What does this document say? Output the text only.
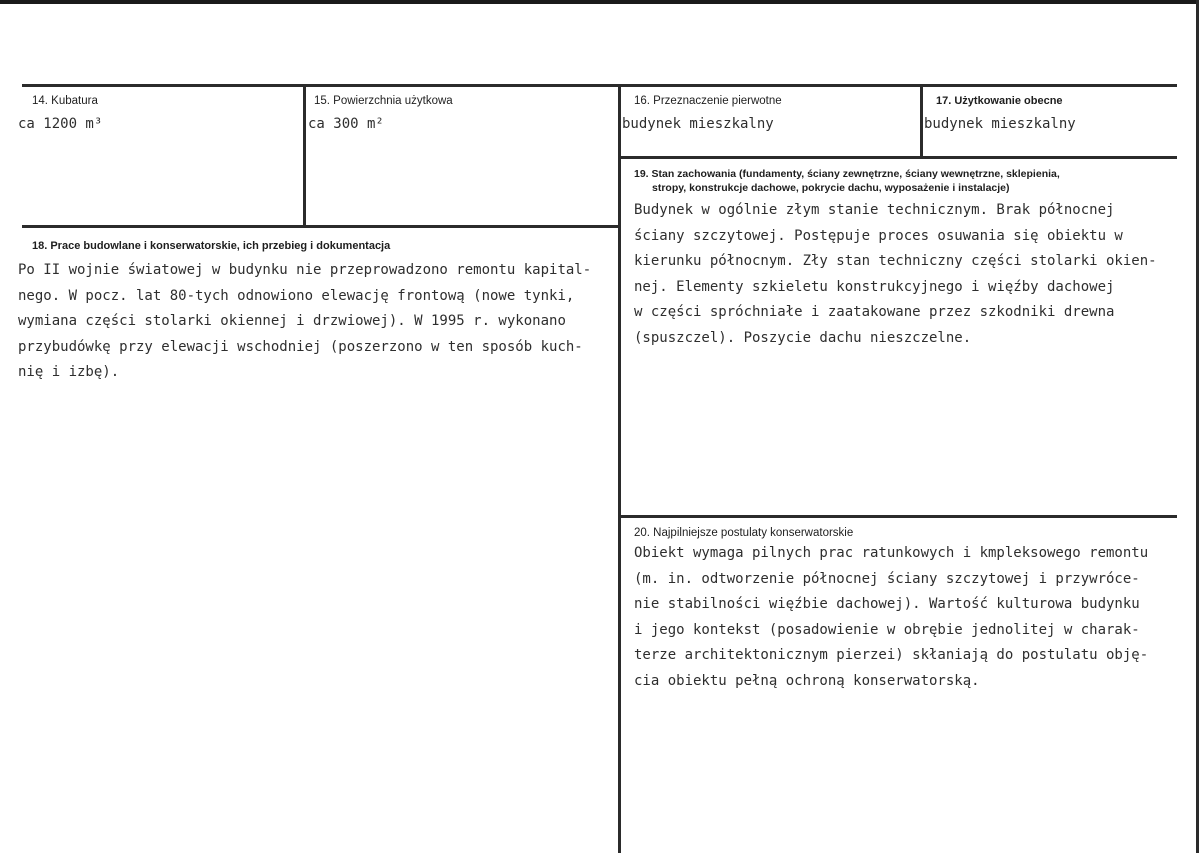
14. Kubatura
ca 1200 m³
15. Powierzchnia użytkowa
ca 300 m²
16. Przeznaczenie pierwotne
budynek mieszkalny
17. Użytkowanie obecne
budynek mieszkalny
18. Prace budowlane i konserwatorskie, ich przebieg i dokumentacja
Po II wojnie światowej w budynku nie przeprowadzono remontu kapital-
nego. W pocz. lat 80-tych odnowiono elewację frontową (nowe tynki,
wymiana części stolarki okiennej i drzwiowej). W 1995 r. wykonano
przybudówkę przy elewacji wschodniej (poszerzono w ten sposób kuch-
nię i izbę).
19. Stan zachowania (fundamenty, ściany zewnętrzne, ściany wewnętrzne, sklepienia,
stropy, konstrukcje dachowe, pokrycie dachu, wyposażenie i instalacje)
Budynek w ogólnie złym stanie technicznym. Brak północnej
ściany szczytowej. Postępuje proces osuwania się obiektu w
kierunku północnym. Zły stan techniczny części stolarki okien-
nej. Elementy szkieletu konstrukcyjnego i więźby dachowej
w części spróchniałe i zaatakowane przez szkodniki drewna
(spuszczel). Poszycie dachu nieszczelne.
20. Najpilniejsze postulaty konserwatorskie
Obiekt wymaga pilnych prac ratunkowych i kmpleksowego remontu
(m. in. odtworzenie północnej ściany szczytowej i przywróce-
nie stabilności więźbie dachowej). Wartość kulturowa budynku
i jego kontekst (posadowienie w obrębie jednolitej w charak-
terze architektonicznym pierzei) skłaniają do postulatu obję-
cia obiektu pełną ochroną konserwatorską.
